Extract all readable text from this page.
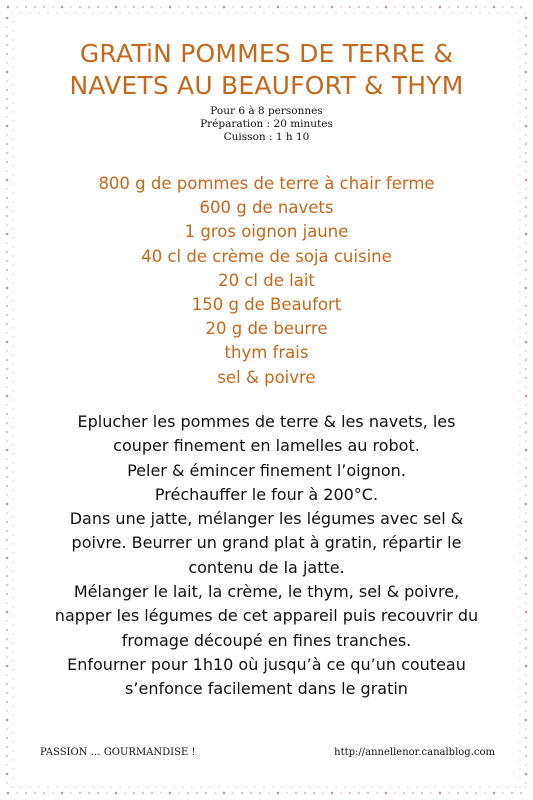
GRATiN POMMES DE TERRE &
NAVETS AU BEAUFORT & THYM
Pour 6 à 8 personnes
Préparation : 20 minutes
Cuisson : 1 h 10
800 g de pommes de terre à chair ferme
600 g de navets
1 gros oignon jaune
40 cl de crème de soja cuisine
20 cl de lait
150 g de Beaufort
20 g de beurre
thym frais
sel & poivre
Eplucher les pommes de terre & les navets, les
couper finement en lamelles au robot.
Peler & émincer finement l’oignon.
Préchauffer le four à 200°C.
Dans une jatte, mélanger les légumes avec sel &
poivre. Beurrer un grand plat à gratin, répartir le
contenu de la jatte.
Mélanger le lait, la crème, le thym, sel & poivre,
napper les légumes de cet appareil puis recouvrir du
fromage découpé en fines tranches.
Enfourner pour 1h10 où jusqu’à ce qu’un couteau
s’enfonce facilement dans le gratin
PASSION … GOURMANDISE !	http://annellenor.canalblog.com
